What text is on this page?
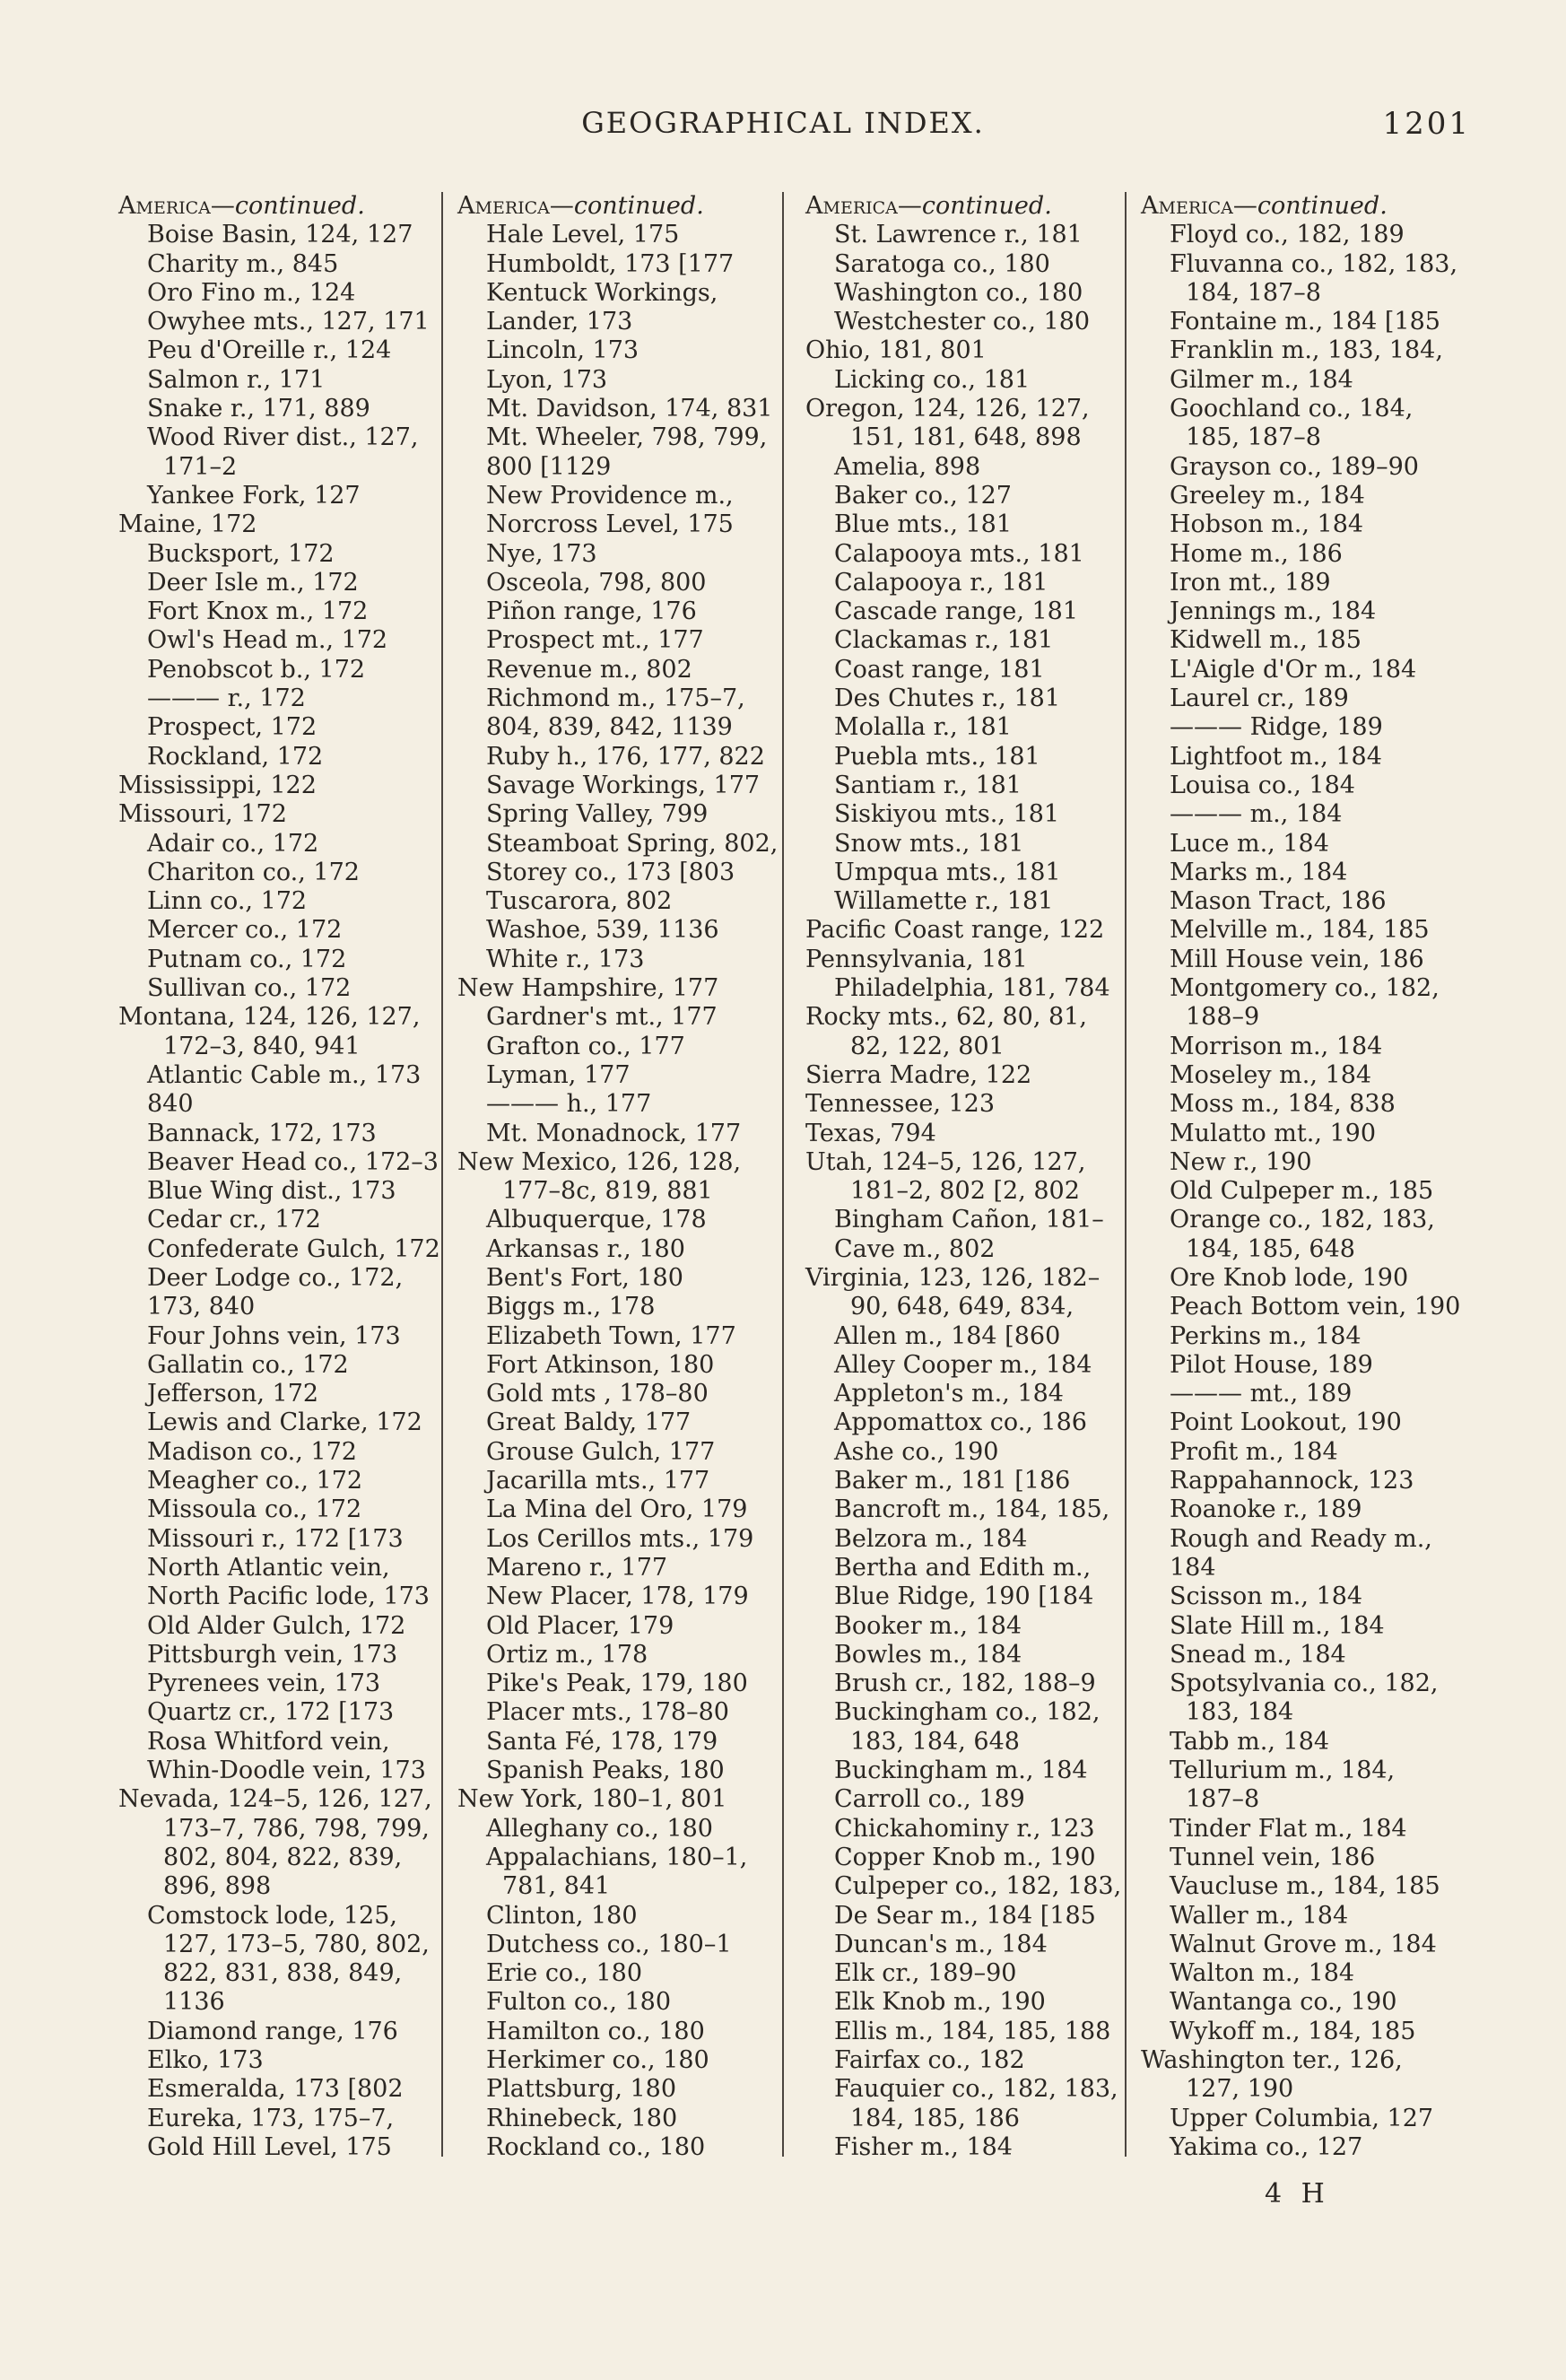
GEOGRAPHICAL INDEX.	1201
America—continued.
Boise Basin, 124, 127
Charity m., 845
Oro Fino m., 124
Owyhee mts., 127, 171
Peu d'Oreille r., 124
Salmon r., 171
Snake r., 171, 889
Wood River dist., 127,
171–2
Yankee Fork, 127
Maine, 172
Bucksport, 172
Deer Isle m., 172
Fort Knox m., 172
Owl's Head m., 172
Penobscot b., 172
——— r., 172
Prospect, 172
Rockland, 172
Mississippi, 122
Missouri, 172
Adair co., 172
Chariton co., 172
Linn co., 172
Mercer co., 172
Putnam co., 172
Sullivan co., 172
Montana, 124, 126, 127,
172–3, 840, 941
Atlantic Cable m., 173
840
Bannack, 172, 173
Beaver Head co., 172–3
Blue Wing dist., 173
Cedar cr., 172
Confederate Gulch, 172
Deer Lodge co., 172,
173, 840
Four Johns vein, 173
Gallatin co., 172
Jefferson, 172
Lewis and Clarke, 172
Madison co., 172
Meagher co., 172
Missoula co., 172
Missouri r., 172 [173
North Atlantic vein,
North Pacific lode, 173
Old Alder Gulch, 172
Pittsburgh vein, 173
Pyrenees vein, 173
Quartz cr., 172 [173
Rosa Whitford vein,
Whin-Doodle vein, 173
Nevada, 124–5, 126, 127,
173–7, 786, 798, 799,
802, 804, 822, 839,
896, 898
Comstock lode, 125,
127, 173–5, 780, 802,
822, 831, 838, 849,
1136
Diamond range, 176
Elko, 173
Esmeralda, 173 [802
Eureka, 173, 175–7,
Gold Hill Level, 175
America—continued.
Hale Level, 175
Humboldt, 173 [177
Kentuck Workings,
Lander, 173
Lincoln, 173
Lyon, 173
Mt. Davidson, 174, 831
Mt. Wheeler, 798, 799,
800 [1129
New Providence m.,
Norcross Level, 175
Nye, 173
Osceola, 798, 800
Piñon range, 176
Prospect mt., 177
Revenue m., 802
Richmond m., 175–7,
804, 839, 842, 1139
Ruby h., 176, 177, 822
Savage Workings, 177
Spring Valley, 799
Steamboat Spring, 802,
Storey co., 173 [803
Tuscarora, 802
Washoe, 539, 1136
White r., 173
New Hampshire, 177
Gardner's mt., 177
Grafton co., 177
Lyman, 177
——— h., 177
Mt. Monadnock, 177
New Mexico, 126, 128,
177–8c, 819, 881
Albuquerque, 178
Arkansas r., 180
Bent's Fort, 180
Biggs m., 178
Elizabeth Town, 177
Fort Atkinson, 180
Gold mts , 178–80
Great Baldy, 177
Grouse Gulch, 177
Jacarilla mts., 177
La Mina del Oro, 179
Los Cerillos mts., 179
Mareno r., 177
New Placer, 178, 179
Old Placer, 179
Ortiz m., 178
Pike's Peak, 179, 180
Placer mts., 178–80
Santa Fé, 178, 179
Spanish Peaks, 180
New York, 180–1, 801
Alleghany co., 180
Appalachians, 180–1,
781, 841
Clinton, 180
Dutchess co., 180–1
Erie co., 180
Fulton co., 180
Hamilton co., 180
Herkimer co., 180
Plattsburg, 180
Rhinebeck, 180
Rockland co., 180
America—continued.
St. Lawrence r., 181
Saratoga co., 180
Washington co., 180
Westchester co., 180
Ohio, 181, 801
Licking co., 181
Oregon, 124, 126, 127,
151, 181, 648, 898
Amelia, 898
Baker co., 127
Blue mts., 181
Calapooya mts., 181
Calapooya r., 181
Cascade range, 181
Clackamas r., 181
Coast range, 181
Des Chutes r., 181
Molalla r., 181
Puebla mts., 181
Santiam r., 181
Siskiyou mts., 181
Snow mts., 181
Umpqua mts., 181
Willamette r., 181
Pacific Coast range, 122
Pennsylvania, 181
Philadelphia, 181, 784
Rocky mts., 62, 80, 81,
82, 122, 801
Sierra Madre, 122
Tennessee, 123
Texas, 794
Utah, 124–5, 126, 127,
181–2, 802 [2, 802
Bingham Cañon, 181–
Cave m., 802
Virginia, 123, 126, 182–
90, 648, 649, 834,
Allen m., 184 [860
Alley Cooper m., 184
Appleton's m., 184
Appomattox co., 186
Ashe co., 190
Baker m., 181 [186
Bancroft m., 184, 185,
Belzora m., 184
Bertha and Edith m.,
Blue Ridge, 190 [184
Booker m., 184
Bowles m., 184
Brush cr., 182, 188–9
Buckingham co., 182,
183, 184, 648
Buckingham m., 184
Carroll co., 189
Chickahominy r., 123
Copper Knob m., 190
Culpeper co., 182, 183,
De Sear m., 184 [185
Duncan's m., 184
Elk cr., 189–90
Elk Knob m., 190
Ellis m., 184, 185, 188
Fairfax co., 182
Fauquier co., 182, 183,
184, 185, 186
Fisher m., 184
America—continued.
Floyd co., 182, 189
Fluvanna co., 182, 183,
184, 187–8
Fontaine m., 184 [185
Franklin m., 183, 184,
Gilmer m., 184
Goochland co., 184,
185, 187–8
Grayson co., 189–90
Greeley m., 184
Hobson m., 184
Home m., 186
Iron mt., 189
Jennings m., 184
Kidwell m., 185
L'Aigle d'Or m., 184
Laurel cr., 189
——— Ridge, 189
Lightfoot m., 184
Louisa co., 184
——— m., 184
Luce m., 184
Marks m., 184
Mason Tract, 186
Melville m., 184, 185
Mill House vein, 186
Montgomery co., 182,
188–9
Morrison m., 184
Moseley m., 184
Moss m., 184, 838
Mulatto mt., 190
New r., 190
Old Culpeper m., 185
Orange co., 182, 183,
184, 185, 648
Ore Knob lode, 190
Peach Bottom vein, 190
Perkins m., 184
Pilot House, 189
——— mt., 189
Point Lookout, 190
Profit m., 184
Rappahannock, 123
Roanoke r., 189
Rough and Ready m.,
184
Scisson m., 184
Slate Hill m., 184
Snead m., 184
Spotsylvania co., 182,
183, 184
Tabb m., 184
Tellurium m., 184,
187–8
Tinder Flat m., 184
Tunnel vein, 186
Vaucluse m., 184, 185
Waller m., 184
Walnut Grove m., 184
Walton m., 184
Wantanga co., 190
Wykoff m., 184, 185
Washington ter., 126,
127, 190
Upper Columbia, 127
Yakima co., 127
4 H
